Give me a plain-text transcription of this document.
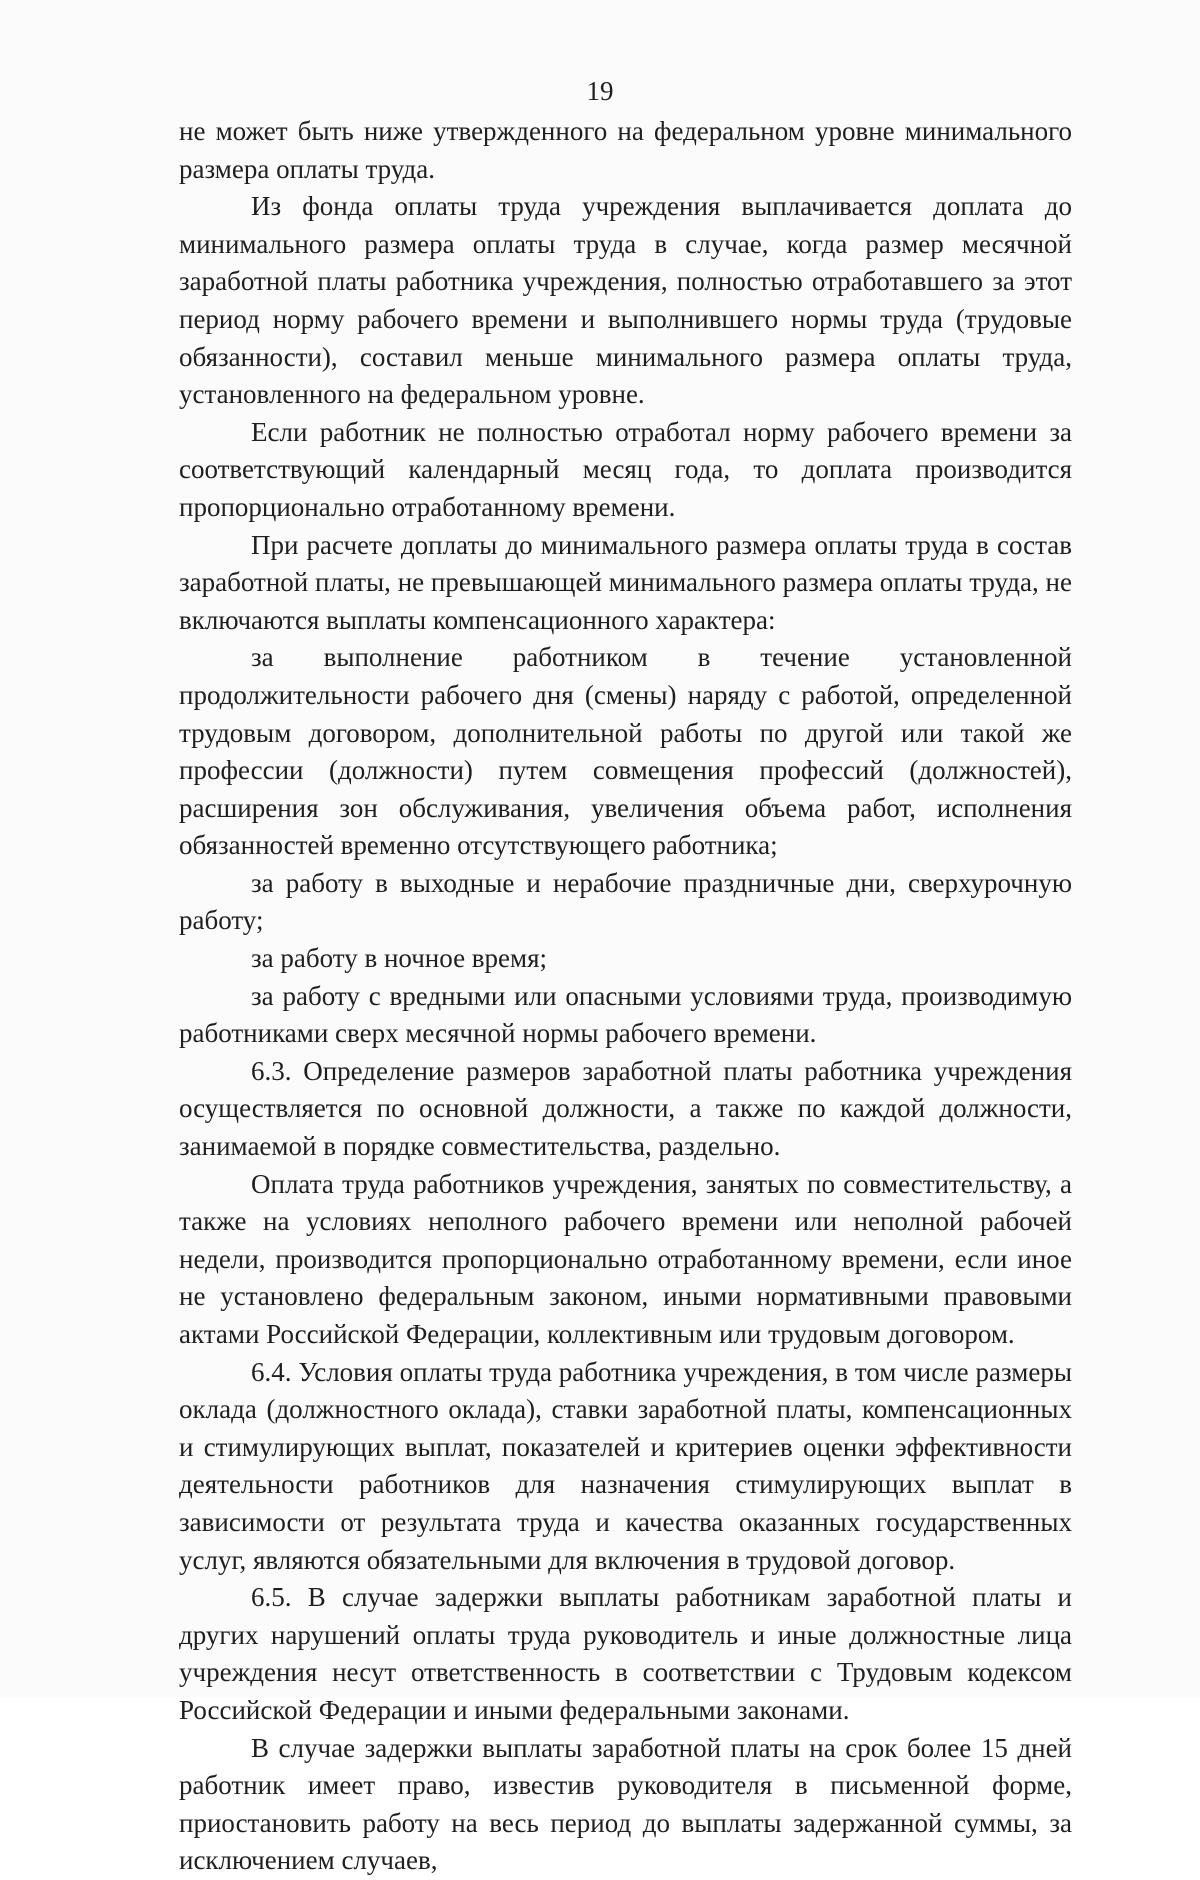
19

не может быть ниже утвержденного на федеральном уровне минимального размера оплаты труда.

Из фонда оплаты труда учреждения выплачивается доплата до минимального размера оплаты труда в случае, когда размер месячной заработной платы работника учреждения, полностью отработавшего за этот период норму рабочего времени и выполнившего нормы труда (трудовые обязанности), составил меньше минимального размера оплаты труда, установленного на федеральном уровне.

Если работник не полностью отработал норму рабочего времени за соответствующий календарный месяц года, то доплата производится пропорционально отработанному времени.

При расчете доплаты до минимального размера оплаты труда в состав заработной платы, не превышающей минимального размера оплаты труда, не включаются выплаты компенсационного характера:

за выполнение работником в течение установленной продолжительности рабочего дня (смены) наряду с работой, определенной трудовым договором, дополнительной работы по другой или такой же профессии (должности) путем совмещения профессий (должностей), расширения зон обслуживания, увеличения объема работ, исполнения обязанностей временно отсутствующего работника;

за работу в выходные и нерабочие праздничные дни, сверхурочную работу;

за работу в ночное время;

за работу с вредными или опасными условиями труда, производимую работниками сверх месячной нормы рабочего времени.

6.3. Определение размеров заработной платы работника учреждения осуществляется по основной должности, а также по каждой должности, занимаемой в порядке совместительства, раздельно.

Оплата труда работников учреждения, занятых по совместительству, а также на условиях неполного рабочего времени или неполной рабочей недели, производится пропорционально отработанному времени, если иное не установлено федеральным законом, иными нормативными правовыми актами Российской Федерации, коллективным или трудовым договором.

6.4. Условия оплаты труда работника учреждения, в том числе размеры оклада (должностного оклада), ставки заработной платы, компенсационных и стимулирующих выплат, показателей и критериев оценки эффективности деятельности работников для назначения стимулирующих выплат в зависимости от результата труда и качества оказанных государственных услуг, являются обязательными для включения в трудовой договор.

6.5. В случае задержки выплаты работникам заработной платы и других нарушений оплаты труда руководитель и иные должностные лица учреждения несут ответственность в соответствии с Трудовым кодексом Российской Федерации и иными федеральными законами.

В случае задержки выплаты заработной платы на срок более 15 дней работник имеет право, известив руководителя в письменной форме, приостановить работу на весь период до выплаты задержанной суммы, за исключением случаев,
